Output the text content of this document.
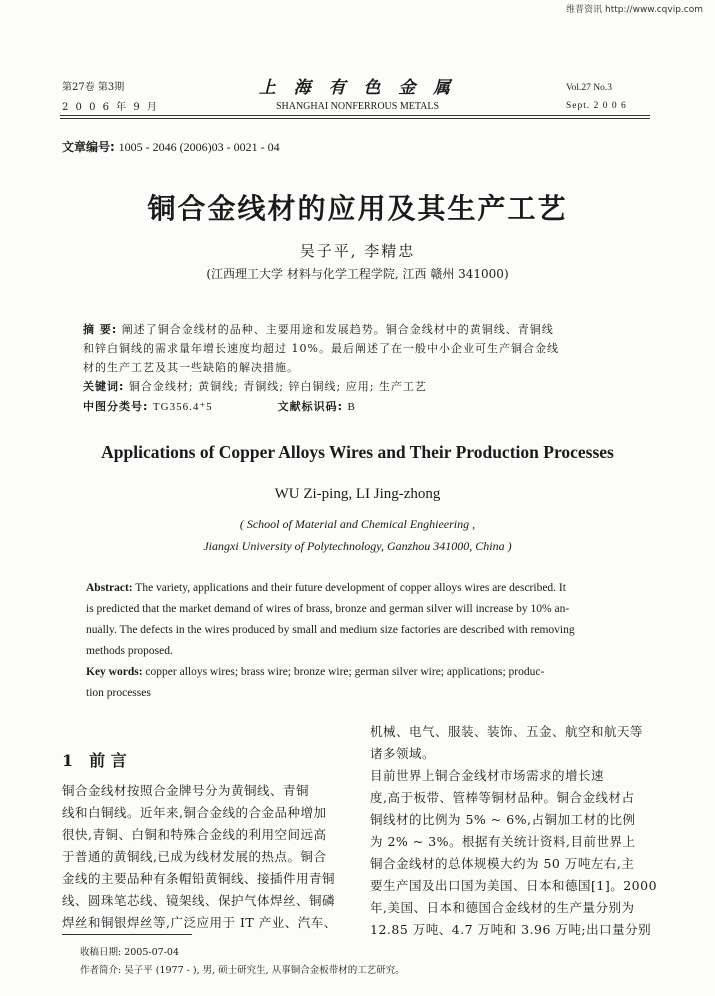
维普资讯 http://www.cqvip.com
第27卷 第3期
2 0 0 6 年 9 月
上 海 有 色 金 属
SHANGHAI NONFERROUS METALS
Vol.27 No.3
Sept. 2 0 0 6
文章编号: 1005 - 2046 (2006)03 - 0021 - 04
铜合金线材的应用及其生产工艺
吴子平, 李精忠
(江西理工大学 材料与化学工程学院, 江西 赣州 341000)
摘 要: 阐述了铜合金线材的品种、主要用途和发展趋势。铜合金线材中的黄铜线、青铜线
和锌白铜线的需求量年增长速度均超过 10%。最后阐述了在一般中小企业可生产铜合金线
材的生产工艺及其一些缺陷的解决措施。
关键词: 铜合金线材; 黄铜线; 青铜线; 锌白铜线; 应用; 生产工艺
中图分类号: TG356.4⁺5	文献标识码: B
Applications of Copper Alloys Wires and Their Production Processes
WU Zi-ping, LI Jing-zhong
( School of Material and Chemical Enghieering ,
Jiangxi University of Polytechnology, Ganzhou 341000, China )
Abstract: The variety, applications and their future development of copper alloys wires are described. It
is predicted that the market demand of wires of brass, bronze and german silver will increase by 10% an-
nually. The defects in the wires produced by small and medium size factories are described with removing
methods proposed.
Key words: copper alloys wires; brass wire; bronze wire; german silver wire; applications; produc-
tion processes
1 前 言
铜合金线材按照合金牌号分为黄铜线、青铜
线和白铜线。近年来,铜合金线的合金品种增加
很快,青铜、白铜和特殊合金线的利用空间远高
于普通的黄铜线,已成为线材发展的热点。铜合
金线的主要品种有条帽铅黄铜线、接插件用青铜
线、圆珠笔芯线、镜架线、保护气体焊丝、铜磷
焊丝和铜银焊丝等,广泛应用于 IT 产业、汽车、
机械、电气、服装、装饰、五金、航空和航天等
诸多领域。
目前世界上铜合金线材市场需求的增长速
度,高于板带、管棒等铜材品种。铜合金线材占
铜线材的比例为 5% ~ 6%,占铜加工材的比例
为 2% ~ 3%。根据有关统计资料,目前世界上
铜合金线材的总体规模大约为 50 万吨左右,主
要生产国及出口国为美国、日本和德国[1]。2000
年,美国、日本和德国合金线材的生产量分别为
12.85 万吨、4.7 万吨和 3.96 万吨;出口量分别
收稿日期: 2005-07-04
作者简介: 吴子平 (1977 - ), 男, 硕士研究生, 从事铜合金板带材的工艺研究。
